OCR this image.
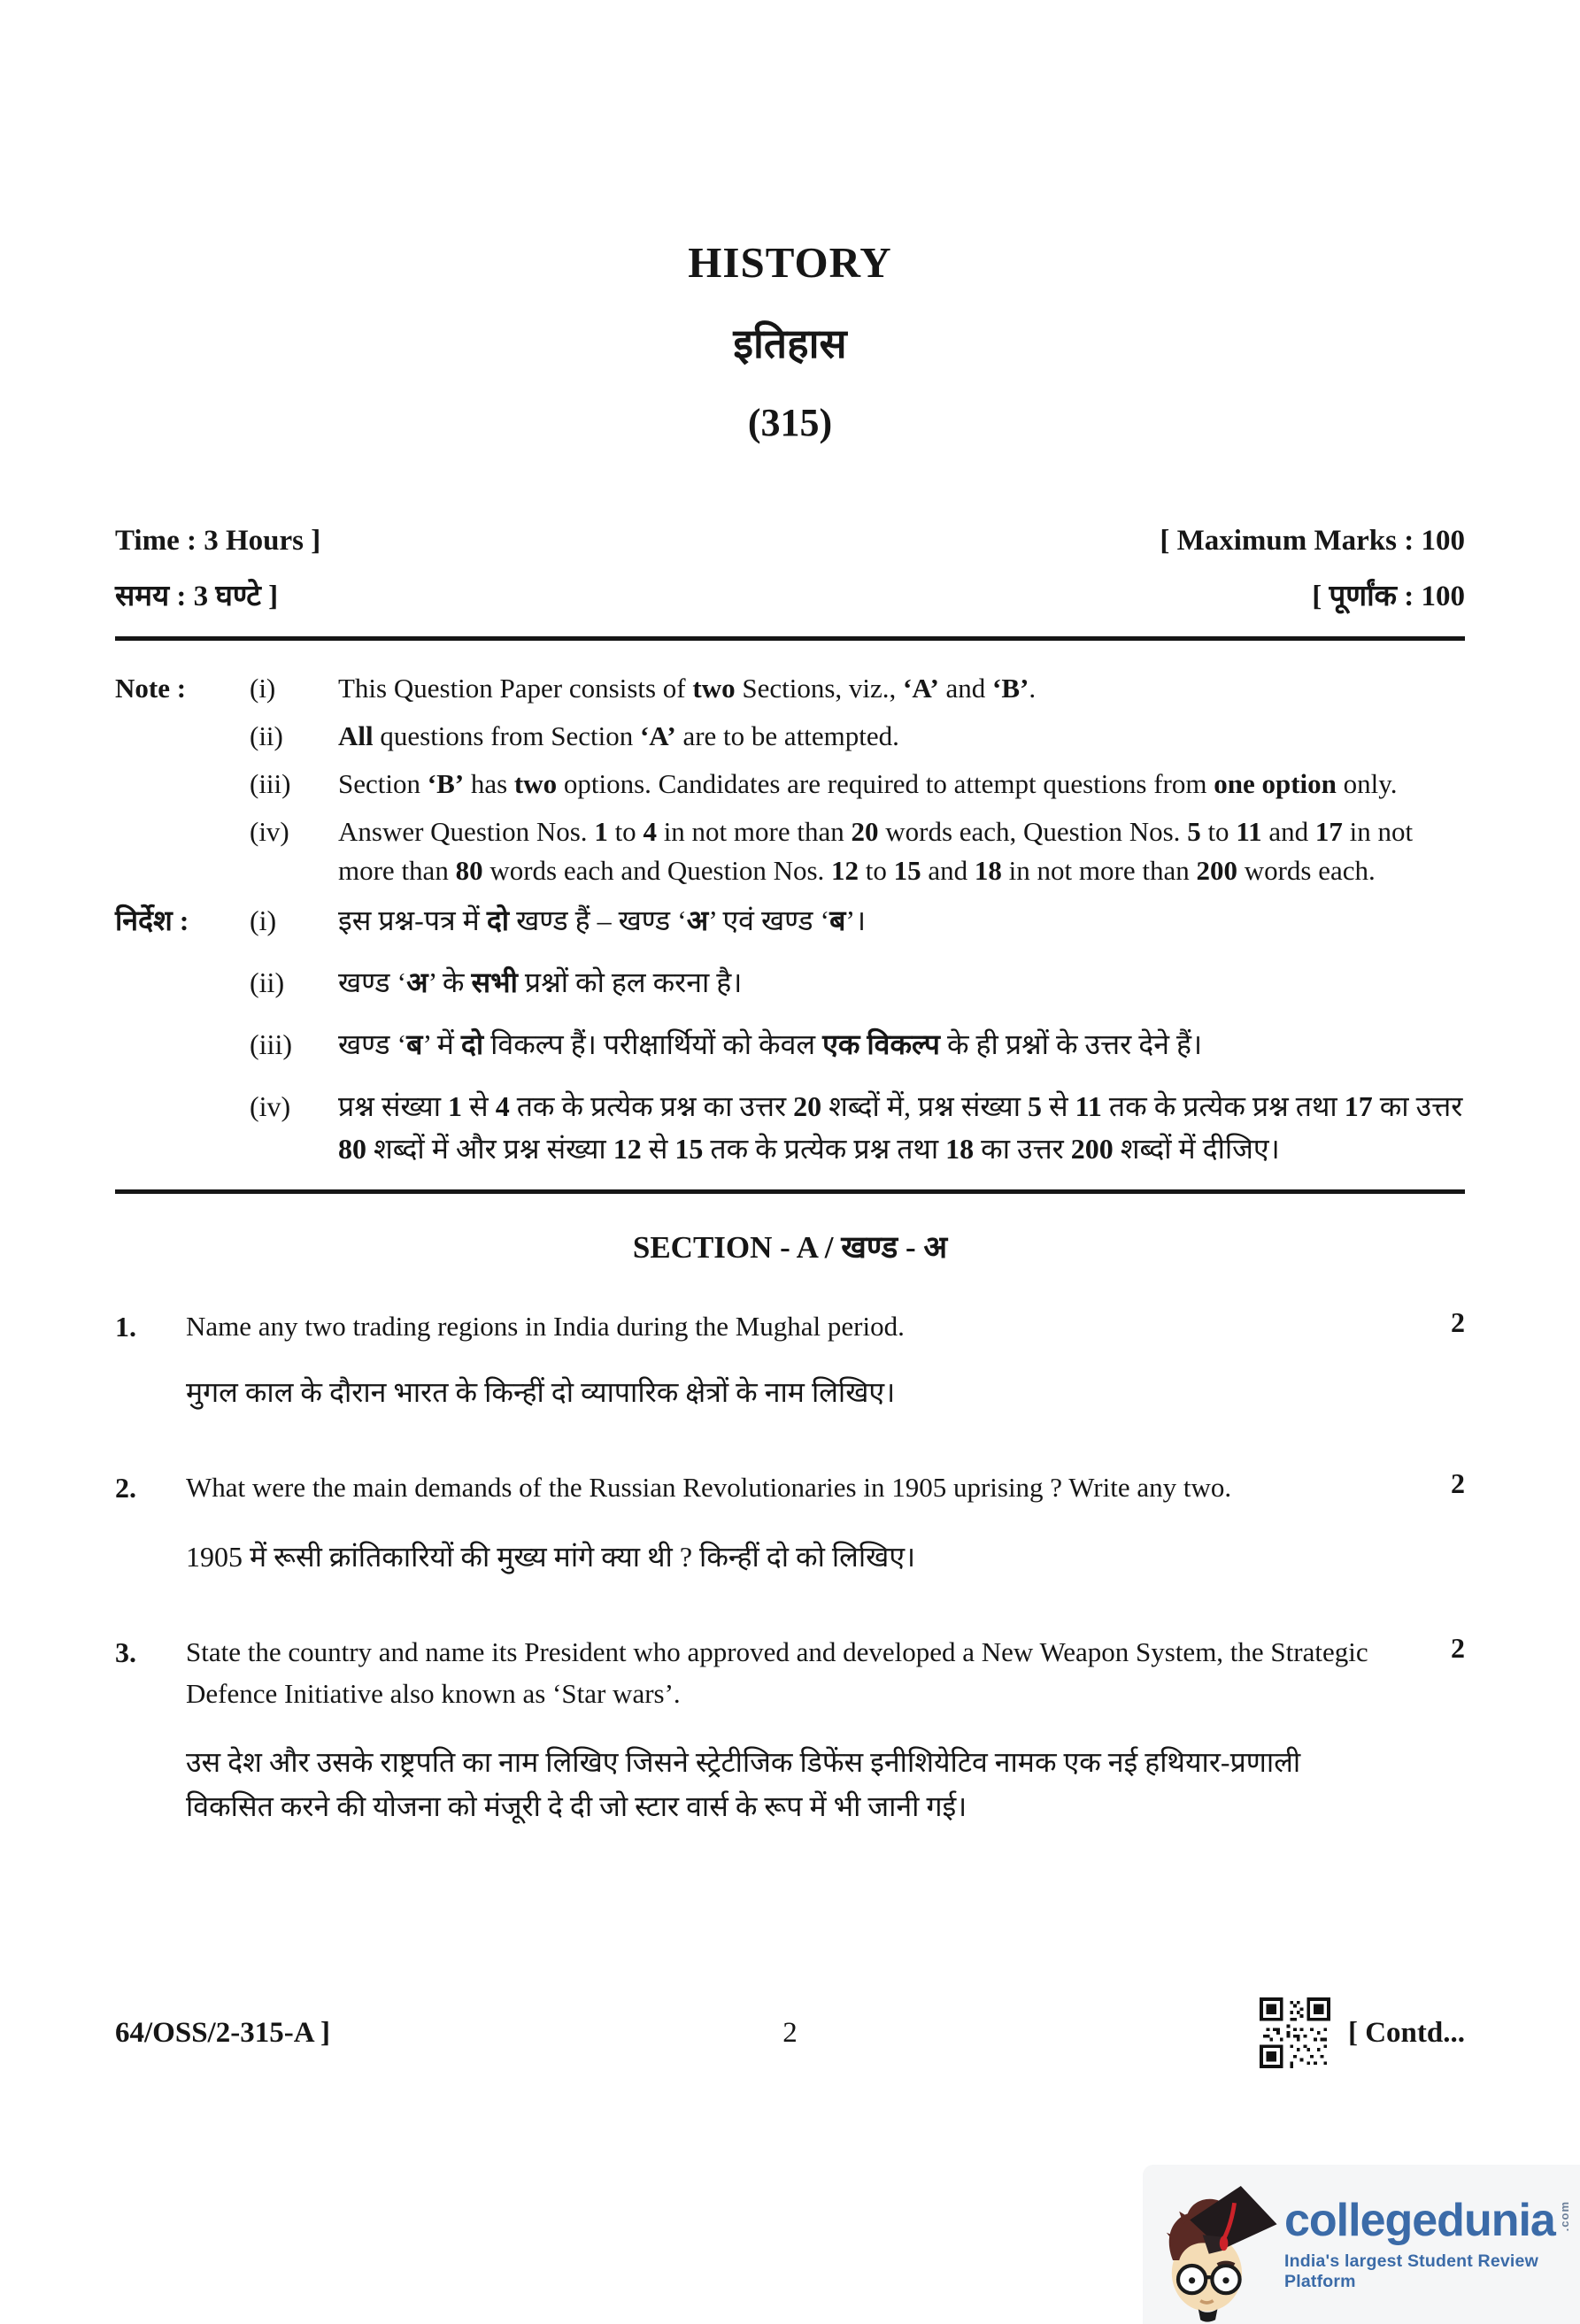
HISTORY
इतिहास
(315)
Time : 3 Hours ]	[ Maximum Marks : 100
समय : 3 घण्टे ]	[ पूर्णांक : 100
Note :	(i)	This Question Paper consists of two Sections, viz., ‘A’ and ‘B’.
(ii)	All questions from Section ‘A’ are to be attempted.
(iii)	Section ‘B’ has two options. Candidates are required to attempt questions from one option only.
(iv)	Answer Question Nos. 1 to 4 in not more than 20 words each, Question Nos. 5 to 11 and 17 in not more than 80 words each and Question Nos. 12 to 15 and 18 in not more than 200 words each.
निर्देश :	(i)	इस प्रश्न-पत्र में दो खण्ड हैं – खण्ड ‘अ’ एवं खण्ड ‘ब’।
(ii)	खण्ड ‘अ’ के सभी प्रश्नों को हल करना है।
(iii)	खण्ड ‘ब’ में दो विकल्प हैं। परीक्षार्थियों को केवल एक विकल्प के ही प्रश्नों के उत्तर देने हैं।
(iv)	प्रश्न संख्या 1 से 4 तक के प्रत्येक प्रश्न का उत्तर 20 शब्दों में, प्रश्न संख्या 5 से 11 तक के प्रत्येक प्रश्न तथा 17 का उत्तर 80 शब्दों में और प्रश्न संख्या 12 से 15 तक के प्रत्येक प्रश्न तथा 18 का उत्तर 200 शब्दों में दीजिए।
SECTION - A / खण्ड - अ
1.	Name any two trading regions in India during the Mughal period.
मुगल काल के दौरान भारत के किन्हीं दो व्यापारिक क्षेत्रों के नाम लिखिए।
2
2.	What were the main demands of the Russian Revolutionaries in 1905 uprising ? Write any two.
1905 में रूसी क्रांतिकारियों की मुख्य मांगे क्या थी ? किन्हीं दो को लिखिए।
2
3.	State the country and name its President who approved and developed a New Weapon System, the Strategic Defence Initiative also known as ‘Star wars’.
उस देश और उसके राष्ट्रपति का नाम लिखिए जिसने स्ट्रेटीजिक डिफेंस इनीशियेटिव नामक एक नई हथियार-प्रणाली विकसित करने की योजना को मंजूरी दे दी जो स्टार वार्स के रूप में भी जानी गई।
2
64/OSS/2-315-A ]	2	[ Contd...
collegedunia .com
India's largest Student Review Platform
